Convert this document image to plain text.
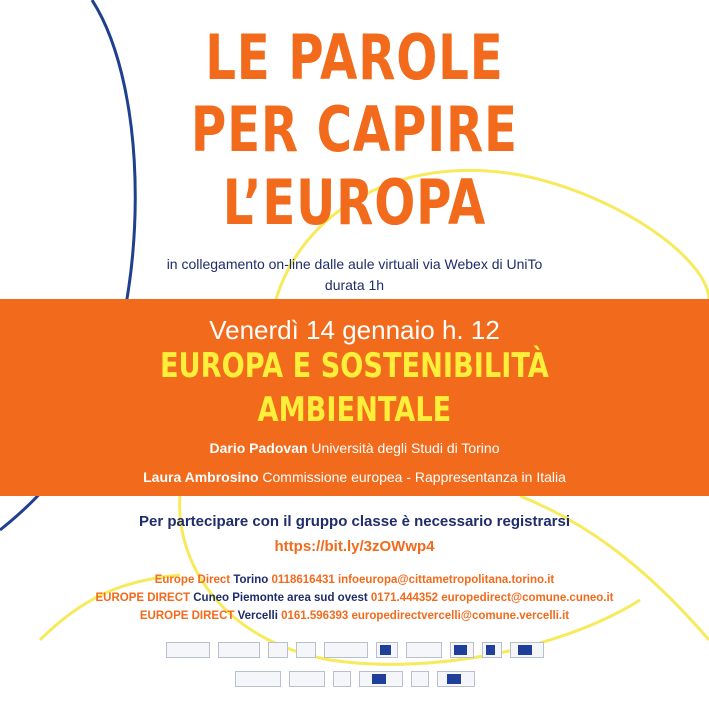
LE PAROLE
PER CAPIRE
L’EUROPA
in collegamento on-line dalle aule virtuali via Webex di UniTo
durata 1h
Venerdì 14 gennaio h. 12
EUROPA E SOSTENIBILITÀ
AMBIENTALE
Dario Padovan Università degli Studi di Torino
Laura Ambrosino Commissione europea - Rappresentanza in Italia
Per partecipare con il gruppo classe è necessario registrarsi
https://bit.ly/3zOWwp4
Europe Direct Torino 0118616431 infoeuropa@cittametropolitana.torino.it
EUROPE DIRECT Cuneo Piemonte area sud ovest 0171.444352 europedirect@comune.cuneo.it
EUROPE DIRECT Vercelli 0161.596393 europedirectvercelli@comune.vercelli.it
